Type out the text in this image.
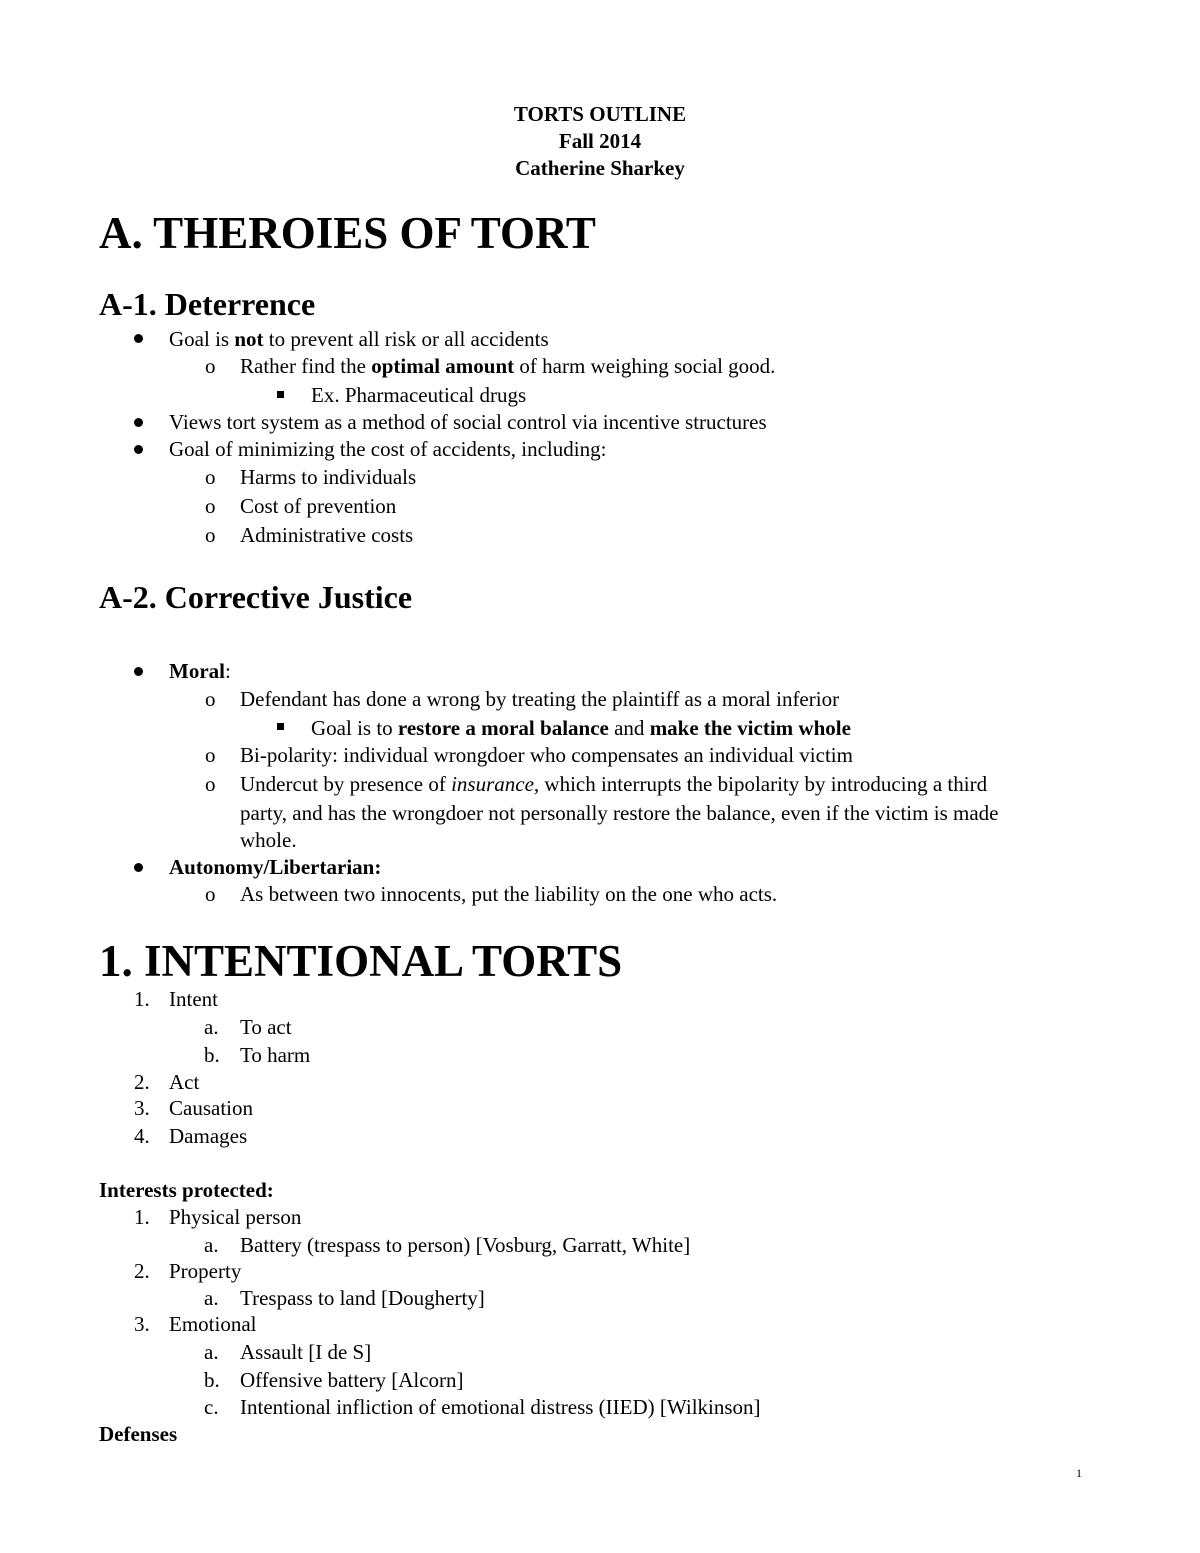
TORTS OUTLINE
Fall 2014
Catherine Sharkey
A. THEROIES OF TORT
A-1. Deterrence
Goal is not to prevent all risk or all accidents
o Rather find the optimal amount of harm weighing social good.
Ex. Pharmaceutical drugs
Views tort system as a method of social control via incentive structures
Goal of minimizing the cost of accidents, including:
o Harms to individuals
o Cost of prevention
o Administrative costs
A-2. Corrective Justice
Moral:
o Defendant has done a wrong by treating the plaintiff as a moral inferior
Goal is to restore a moral balance and make the victim whole
o Bi-polarity: individual wrongdoer who compensates an individual victim
o Undercut by presence of insurance, which interrupts the bipolarity by introducing a third
party, and has the wrongdoer not personally restore the balance, even if the victim is made
whole.
Autonomy/Libertarian:
o As between two innocents, put the liability on the one who acts.
1. INTENTIONAL TORTS
1. Intent
a. To act
b. To harm
2. Act
3. Causation
4. Damages
Interests protected:
1. Physical person
a. Battery (trespass to person) [Vosburg, Garratt, White]
2. Property
a. Trespass to land [Dougherty]
3. Emotional
a. Assault [I de S]
b. Offensive battery [Alcorn]
c. Intentional infliction of emotional distress (IIED) [Wilkinson]
Defenses
1
